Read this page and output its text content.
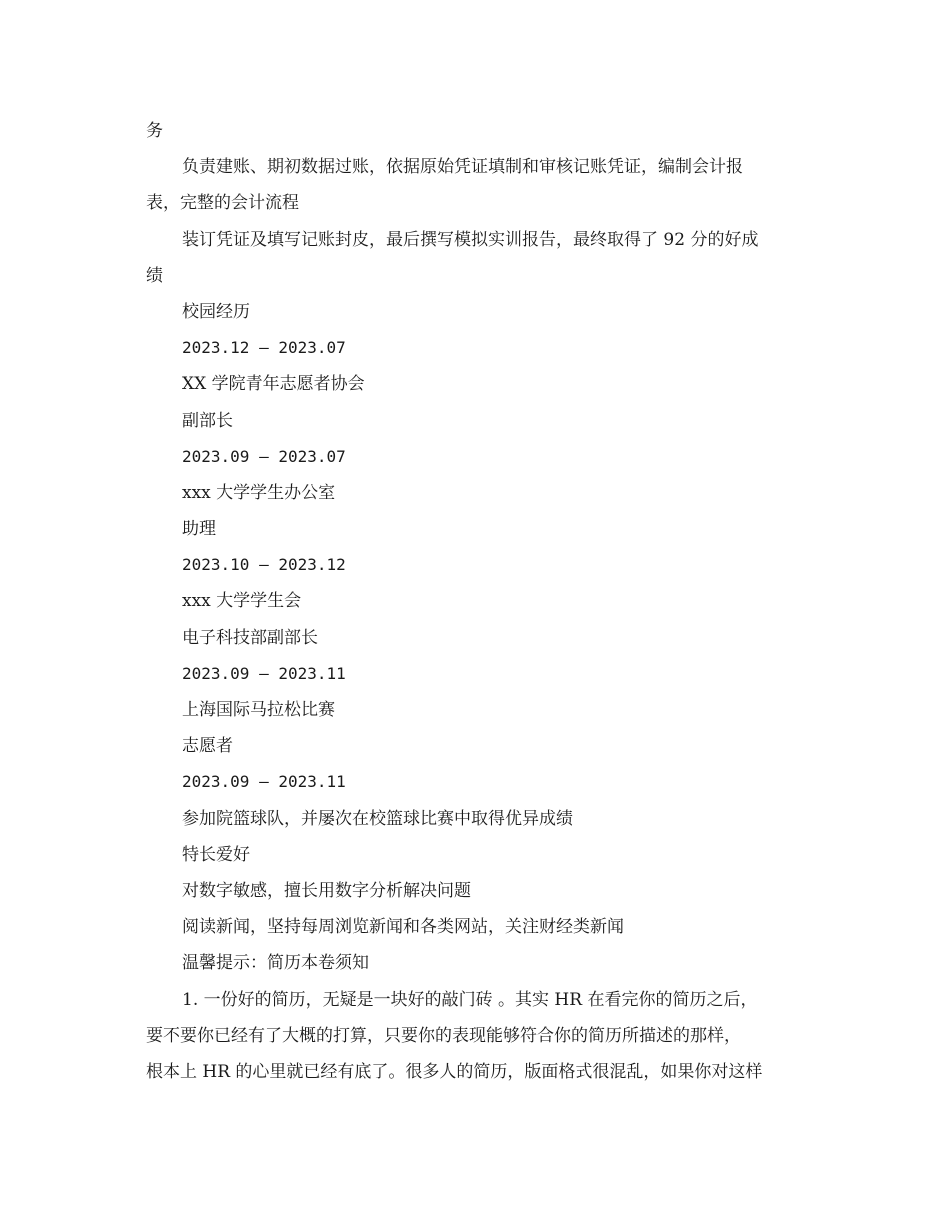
务
负责建账、期初数据过账，依据原始凭证填制和审核记账凭证，编制会计报
表，完整的会计流程
装订凭证及填写记账封皮，最后撰写模拟实训报告，最终取得了 92 分的好成
绩
校园经历
2023.12 – 2023.07
XX 学院青年志愿者协会
副部长
2023.09 – 2023.07
xxx 大学学生办公室
助理
2023.10 – 2023.12
xxx 大学学生会
电子科技部副部长
2023.09 – 2023.11
上海国际马拉松比赛
志愿者
2023.09 – 2023.11
参加院篮球队，并屡次在校篮球比赛中取得优异成绩
特长爱好
对数字敏感，擅长用数字分析解决问题
阅读新闻，坚持每周浏览新闻和各类网站，关注财经类新闻
温馨提示：简历本卷须知
1. 一份好的简历，无疑是一块好的敲门砖 。其实 HR 在看完你的简历之后，
要不要你已经有了大概的打算，只要你的表现能够符合你的简历所描述的那样，
根本上 HR 的心里就已经有底了。很多人的简历，版面格式很混乱，如果你对这样
